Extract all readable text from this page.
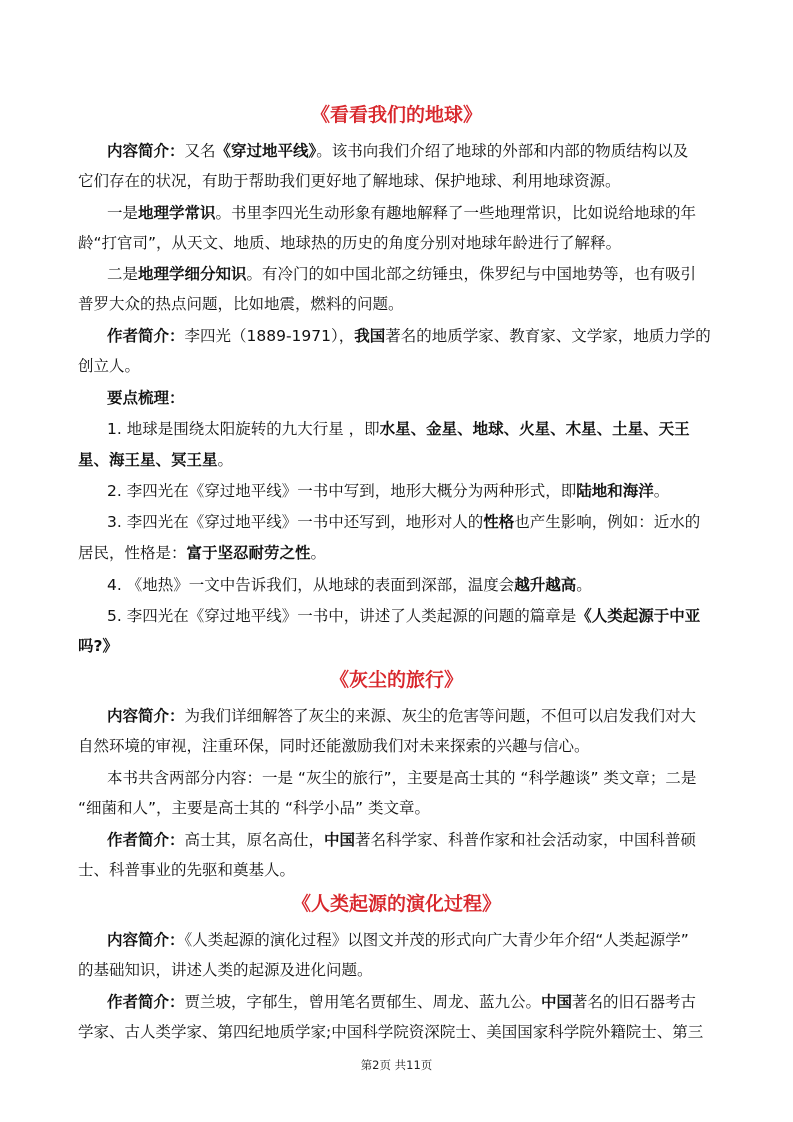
《看看我们的地球》

内容简介：又名《穿过地平线》。该书向我们介绍了地球的外部和内部的物质结构以及

它们存在的状况，有助于帮助我们更好地了解地球、保护地球、利用地球资源。

一是地理学常识。书里李四光生动形象有趣地解释了一些地理常识，比如说给地球的年

龄“打官司”，从天文、地质、地球热的历史的角度分别对地球年龄进行了解释。

二是地理学细分知识。有冷门的如中国北部之纺锤虫，侏罗纪与中国地势等，也有吸引

普罗大众的热点问题，比如地震，燃料的问题。

作者简介：李四光（1889-1971），我国著名的地质学家、教育家、文学家，地质力学的

创立人。

要点梳理：

1. 地球是围绕太阳旋转的九大行星 ，即水星、金星、地球、火星、木星、土星、天王

星、海王星、冥王星。

2. 李四光在《穿过地平线》一书中写到，地形大概分为两种形式，即陆地和海洋。

3. 李四光在《穿过地平线》一书中还写到，地形对人的性格也产生影响，例如：近水的

居民，性格是：富于坚忍耐劳之性。

4. 《地热》一文中告诉我们，从地球的表面到深部，温度会越升越高。

5. 李四光在《穿过地平线》一书中，讲述了人类起源的问题的篇章是《人类起源于中亚

吗?》

《灰尘的旅行》

内容简介：为我们详细解答了灰尘的来源、灰尘的危害等问题，不但可以启发我们对大

自然环境的审视，注重环保，同时还能激励我们对未来探索的兴趣与信心。

本书共含两部分内容：一是 “灰尘的旅行”，主要是高士其的 “科学趣谈” 类文章；二是

“细菌和人”，主要是高士其的 “科学小品” 类文章。

作者简介：高士其，原名高仕，中国著名科学家、科普作家和社会活动家，中国科普硕

士、科普事业的先驱和奠基人。

《人类起源的演化过程》

内容简介：《人类起源的演化过程》以图文并茂的形式向广大青少年介绍“人类起源学”

的基础知识，讲述人类的起源及进化问题。

作者简介：贾兰坡，字郁生，曾用笔名贾郁生、周龙、蓝九公。中国著名的旧石器考古

学家、古人类学家、第四纪地质学家;中国科学院资深院士、美国国家科学院外籍院士、第三

第2页 共11页
